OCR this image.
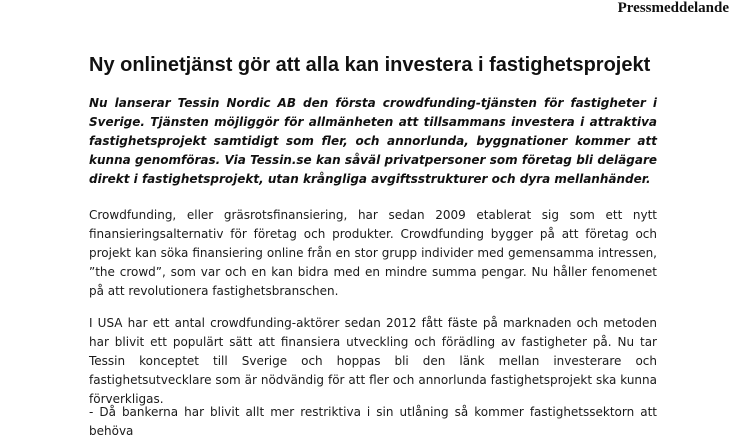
Pressmeddelande
Ny onlinetjänst gör att alla kan investera i fastighetsprojekt

Nu lanserar Tessin Nordic AB den första crowdfunding-tjänsten för fastigheter i Sverige. Tjänsten möjliggör för allmänheten att tillsammans investera i attraktiva fastighetsprojekt samtidigt som fler, och annorlunda, byggnationer kommer att kunna genomföras. Via Tessin.se kan såväl privatpersoner som företag bli delägare direkt i fastighetsprojekt, utan krångliga avgiftsstrukturer och dyra mellanhänder.

Crowdfunding, eller gräsrotsfinansiering, har sedan 2009 etablerat sig som ett nytt finansieringsalternativ för företag och produkter. Crowdfunding bygger på att företag och projekt kan söka finansiering online från en stor grupp individer med gemensamma intressen, ”the crowd”, som var och en kan bidra med en mindre summa pengar. Nu håller fenomenet på att revolutionera fastighetsbranschen.

I USA har ett antal crowdfunding-aktörer sedan 2012 fått fäste på marknaden och metoden har blivit ett populärt sätt att finansiera utveckling och förädling av fastigheter på. Nu tar Tessin konceptet till Sverige och hoppas bli den länk mellan investerare och fastighetsutvecklare som är nödvändig för att fler och annorlunda fastighetsprojekt ska kunna förverkligas.

- Då bankerna har blivit allt mer restriktiva i sin utlåning så kommer fastighetssektorn att behöva
